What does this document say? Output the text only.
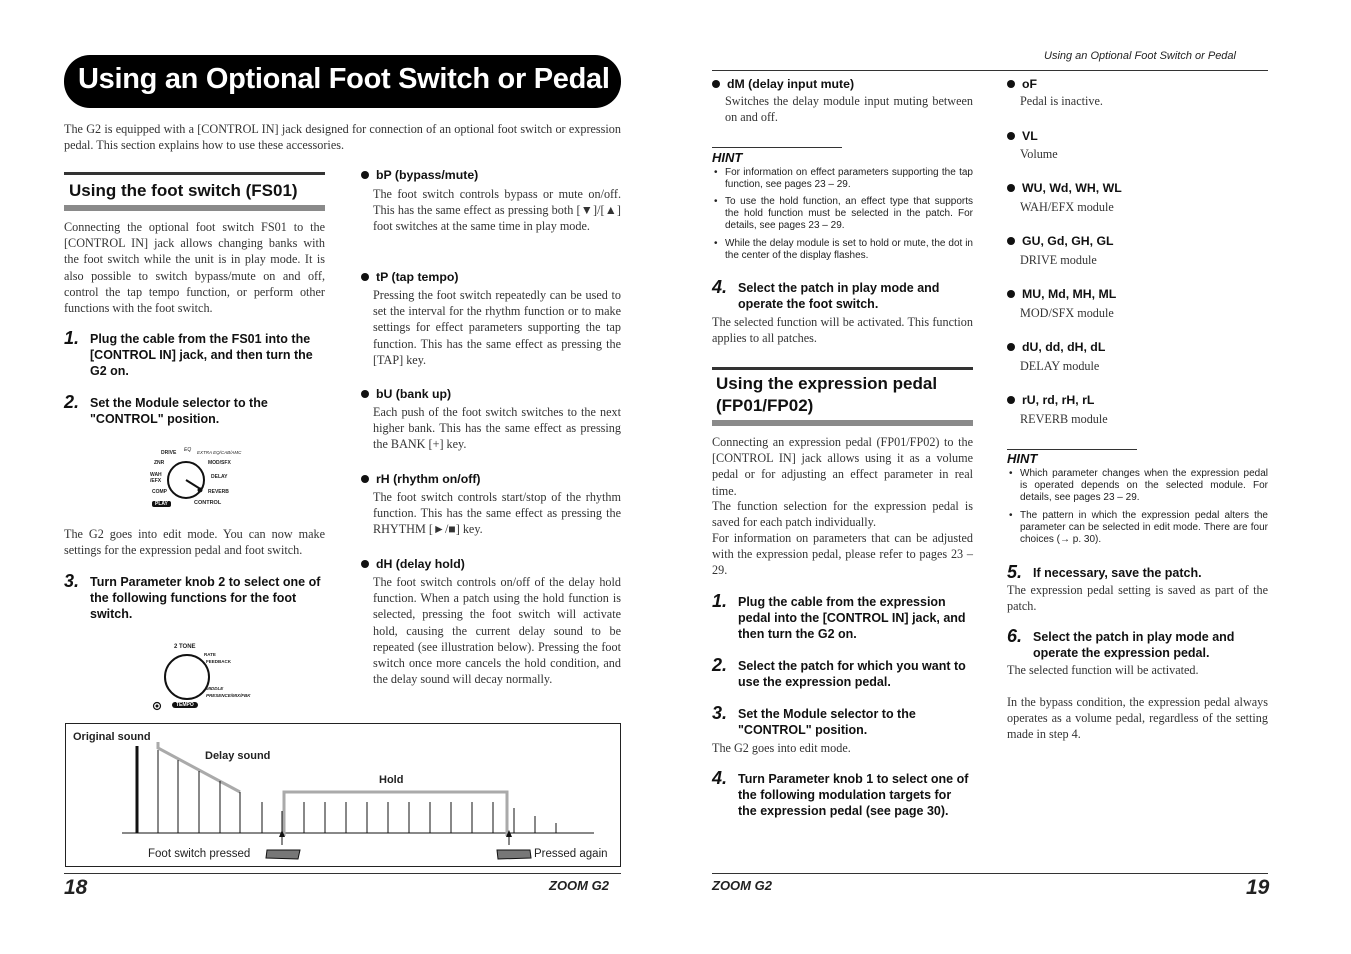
Using an Optional Foot Switch or Pedal
The G2 is equipped with a [CONTROL IN] jack designed for connection of an optional foot switch or expression pedal. This section explains how to use these accessories.
Using the foot switch (FS01)
Connecting the optional foot switch FS01 to the [CONTROL IN] jack allows changing banks with the foot switch while the unit is in play mode. It is also possible to switch bypass/mute on and off, control the tap tempo function, or perform other functions with the foot switch.
1. Plug the cable from the FS01 into the [CONTROL IN] jack, and then turn the G2 on.
2. Set the Module selector to the "CONTROL" position.
DRIVE EQ EXTRA EQ/CAB/AMC
ZNR	MOD/SFX
WAH
/EFX
DELAY
COMP	REVERB
PLAY	CONTROL
The G2 goes into edit mode. You can now make settings for the expression pedal and foot switch.
3. Turn Parameter knob 2 to select one of the following functions for the foot switch.
2 TONE
RATE
FEEDBACK
MIDDLE
PRESENCE/MIX/FBK
TEMPO
bP (bypass/mute)
The foot switch controls bypass or mute on/off. This has the same effect as pressing both [▼]/[▲] foot switches at the same time in play mode.
tP (tap tempo)
Pressing the foot switch repeatedly can be used to set the interval for the rhythm function or to make settings for effect parameters supporting the tap function. This has the same effect as pressing the [TAP] key.
bU (bank up)
Each push of the foot switch switches to the next higher bank. This has the same effect as pressing the BANK [+] key.
rH (rhythm on/off)
The foot switch controls start/stop of the rhythm function. This has the same effect as pressing the RHYTHM [►/■] key.
dH (delay hold)
The foot switch controls on/off of the delay hold function. When a patch using the hold function is selected, pressing the foot switch will activate hold, causing the current delay sound to be repeated (see illustration below). Pressing the foot switch once more cancels the hold condition, and the delay sound will decay normally.
Original sound
Delay sound
Hold
Foot switch pressed	Pressed again
18	ZOOM G2
Using an Optional Foot Switch or Pedal
dM (delay input mute)
Switches the delay module input muting between on and off.
HINT
• For information on effect parameters supporting the tap function, see pages 23 – 29.
• To use the hold function, an effect type that supports the hold function must be selected in the patch. For details, see pages 23 – 29.
• While the delay module is set to hold or mute, the dot in the center of the display flashes.
4. Select the patch in play mode and operate the foot switch.
The selected function will be activated. This function applies to all patches.
Using the expression pedal
(FP01/FP02)
Connecting an expression pedal (FP01/FP02) to the [CONTROL IN] jack allows using it as a volume pedal or for adjusting an effect parameter in real time.
The function selection for the expression pedal is saved for each patch individually.
For information on parameters that can be adjusted with the expression pedal, please refer to pages 23 – 29.
1. Plug the cable from the expression pedal into the [CONTROL IN] jack, and then turn the G2 on.
2. Select the patch for which you want to use the expression pedal.
3. Set the Module selector to the "CONTROL" position.
The G2 goes into edit mode.
4. Turn Parameter knob 1 to select one of the following modulation targets for the expression pedal (see page 30).
oF
Pedal is inactive.
VL
Volume
WU, Wd, WH, WL
WAH/EFX module
GU, Gd, GH, GL
DRIVE module
MU, Md, MH, ML
MOD/SFX module
dU, dd, dH, dL
DELAY module
rU, rd, rH, rL
REVERB module
HINT
• Which parameter changes when the expression pedal is operated depends on the selected module. For details, see pages 23 – 29.
• The pattern in which the expression pedal alters the parameter can be selected in edit mode. There are four choices (→ p. 30).
5. If necessary, save the patch.
The expression pedal setting is saved as part of the patch.
6. Select the patch in play mode and operate the expression pedal.
The selected function will be activated.
In the bypass condition, the expression pedal always operates as a volume pedal, regardless of the setting made in step 4.
ZOOM G2	19
